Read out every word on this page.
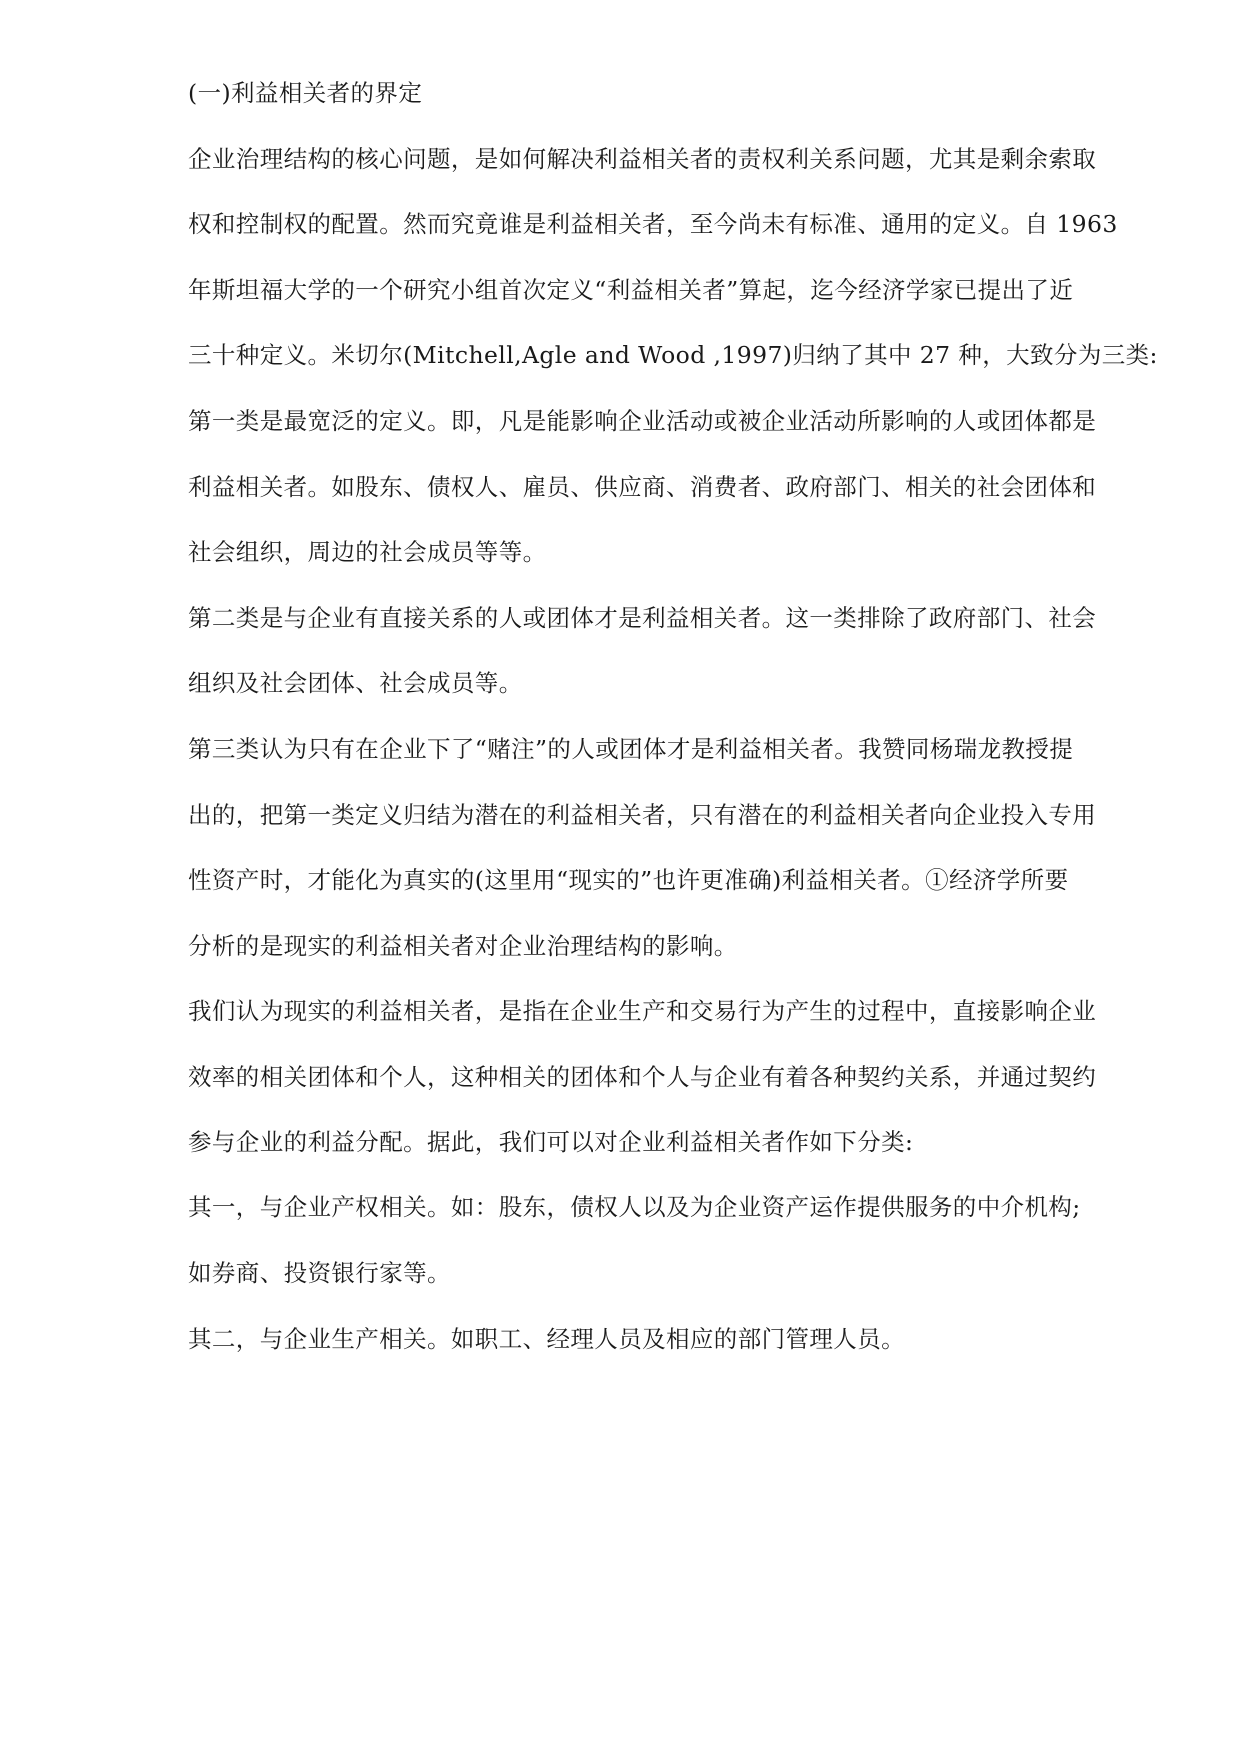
(一)利益相关者的界定
企业治理结构的核心问题，是如何解决利益相关者的责权利关系问题，尤其是剩余索取
权和控制权的配置。然而究竟谁是利益相关者，至今尚未有标准、通用的定义。自 1963
年斯坦福大学的一个研究小组首次定义“利益相关者”算起，迄今经济学家已提出了近
三十种定义。米切尔(Mitchell,Agle and Wood ,1997)归纳了其中 27 种，大致分为三类:
第一类是最宽泛的定义。即，凡是能影响企业活动或被企业活动所影响的人或团体都是
利益相关者。如股东、债权人、雇员、供应商、消费者、政府部门、相关的社会团体和
社会组织，周边的社会成员等等。
第二类是与企业有直接关系的人或团体才是利益相关者。这一类排除了政府部门、社会
组织及社会团体、社会成员等。
第三类认为只有在企业下了“赌注”的人或团体才是利益相关者。我赞同杨瑞龙教授提
出的，把第一类定义归结为潜在的利益相关者，只有潜在的利益相关者向企业投入专用
性资产时，才能化为真实的(这里用“现实的”也许更准确)利益相关者。①经济学所要
分析的是现实的利益相关者对企业治理结构的影响。
我们认为现实的利益相关者，是指在企业生产和交易行为产生的过程中，直接影响企业
效率的相关团体和个人，这种相关的团体和个人与企业有着各种契约关系，并通过契约
参与企业的利益分配。据此，我们可以对企业利益相关者作如下分类:
其一，与企业产权相关。如：股东，债权人以及为企业资产运作提供服务的中介机构;
如券商、投资银行家等。
其二，与企业生产相关。如职工、经理人员及相应的部门管理人员。
